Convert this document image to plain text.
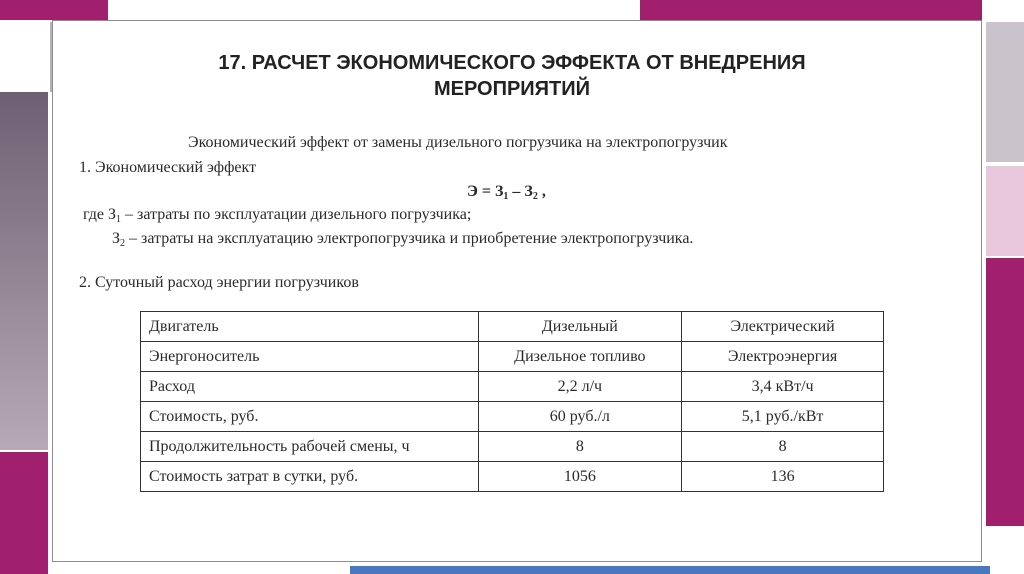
17. РАСЧЕТ ЭКОНОМИЧЕСКОГО ЭФФЕКТА ОТ ВНЕДРЕНИЯ
МЕРОПРИЯТИЙ
Экономический эффект от замены дизельного погрузчика на электропогрузчик
1. Экономический эффект
$Э = З_1 - З_2$ ,
где $З_1$ – затраты по эксплуатации дизельного погрузчика;
$З_2$ – затраты на эксплуатацию электропогрузчика и приобретение электропогрузчика.
2. Суточный расход энергии погрузчиков
Двигатель	Дизельный	Электрический
Энергоноситель	Дизельное топливо	Электроэнергия
Расход	2,2 л/ч	3,4 кВт/ч
Стоимость, руб.	60 руб./л	5,1 руб./кВт
Продолжительность рабочей смены, ч	8	8
Стоимость затрат в сутки, руб.	1056	136
